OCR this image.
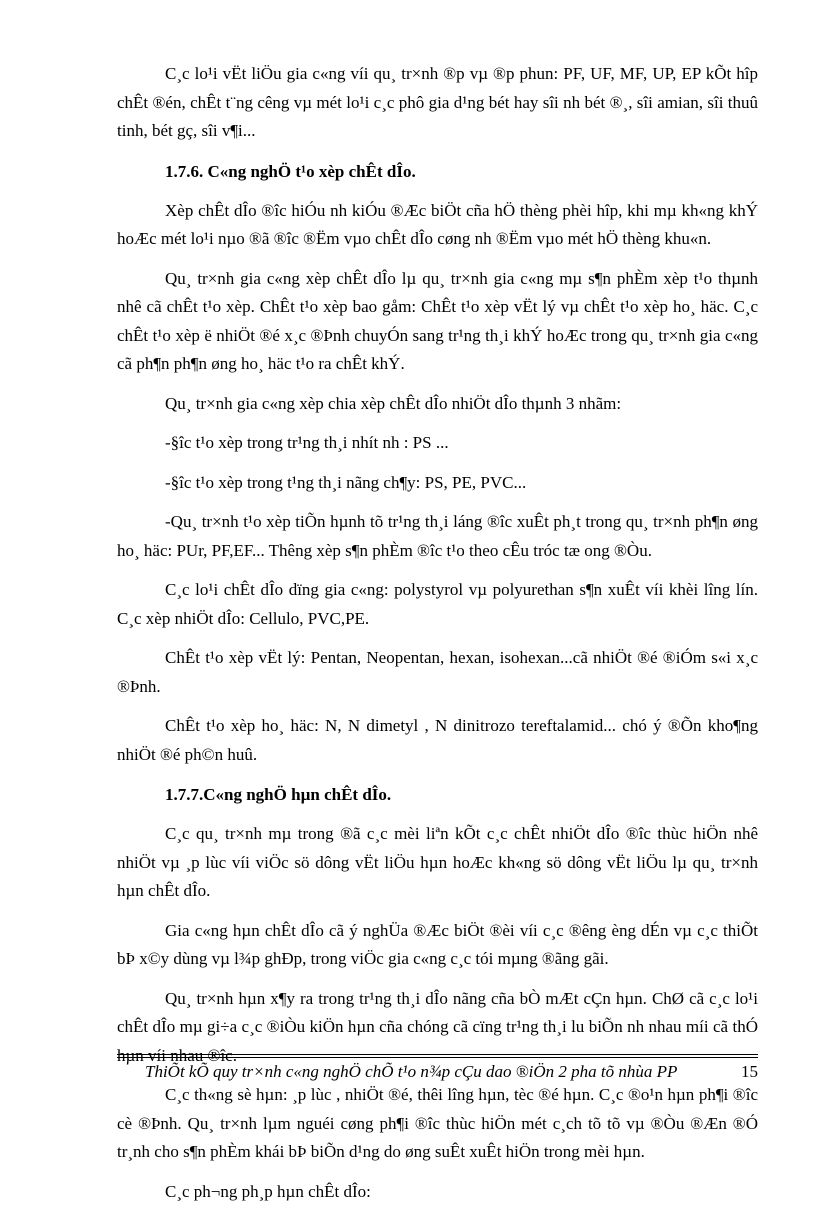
C¸c lo¹i vËt liÖu gia c«ng víi qu¸ tr×nh ®p vµ ®p phun: PF, UF, MF, UP, EP kÕt hîp chÊt ®én, chÊt t¨ng cêng vµ mét lo¹i c¸c phô gia d¹ng bét hay sîi nh bét ®¸, sîi amian, sîi thuû tinh, bét gç, sîi v¶i...

1.7.6. C«ng nghÖ t¹o xèp chÊt dÎo.

Xèp chÊt dÎo ®îc hiÓu nh kiÓu ®Æc biÖt cña hÖ thèng phèi hîp, khi mµ kh«ng khÝ hoÆc mét lo¹i nµo ®ã ®îc ®Ëm vµo chÊt dÎo cøng nh ®Ëm vµo mét hÖ thèng khu«n.

Qu¸ tr×nh gia c«ng xèp chÊt dÎo lµ qu¸ tr×nh gia c«ng mµ s¶n phÈm xèp t¹o thµnh nhê cã chÊt t¹o xèp. ChÊt t¹o xèp bao gåm: ChÊt t¹o xèp vËt lý vµ chÊt t¹o xèp ho¸ häc. C¸c chÊt t¹o xèp ë nhiÖt ®é x¸c ®Þnh chuyÓn sang tr¹ng th¸i khÝ hoÆc trong qu¸ tr×nh gia c«ng cã ph¶n ph¶n øng ho¸ häc t¹o ra chÊt khÝ.

Qu¸ tr×nh gia c«ng xèp chia xèp chÊt dÎo nhiÖt dÎo thµnh 3 nhãm:

-§îc t¹o xèp trong tr¹ng th¸i nhít nh : PS ...

-§îc t¹o xèp trong t¹ng th¸i nãng ch¶y: PS, PE, PVC...

-Qu¸ tr×nh t¹o xèp tiÕn hµnh tõ tr¹ng th¸i láng ®îc xuÊt ph¸t trong qu¸ tr×nh ph¶n øng ho¸ häc: PUr, PF,EF... Thêng xèp s¶n phÈm ®îc t¹o theo cÊu tróc tæ ong ®Òu.

C¸c lo¹i chÊt dÎo dïng gia c«ng: polystyrol vµ polyurethan s¶n xuÊt víi khèi lîng lín. C¸c xèp nhiÖt dÎo: Cellulo, PVC,PE.

ChÊt t¹o xèp vËt lý: Pentan, Neopentan, hexan, isohexan...cã nhiÖt ®é ®iÓm s«i x¸c ®Þnh.

ChÊt t¹o xèp ho¸ häc: N, N dimetyl , N dinitrozo tereftalamid... chó ý ®Õn kho¶ng nhiÖt ®é ph©n huû.

1.7.7.C«ng nghÖ hµn chÊt dÎo.

C¸c qu¸ tr×nh mµ trong ®ã c¸c mèi liªn kÕt c¸c chÊt nhiÖt dÎo ®îc thùc hiÖn nhê nhiÖt vµ ¸p lùc víi viÖc sö dông vËt liÖu hµn hoÆc kh«ng sö dông vËt liÖu lµ qu¸ tr×nh hµn chÊt dÎo.

Gia c«ng hµn chÊt dÎo cã ý nghÜa ®Æc biÖt ®èi víi c¸c ®êng èng dÉn vµ c¸c thiÕt bÞ x©y dùng vµ l¾p ghÐp, trong viÖc gia c«ng c¸c tói mµng ®ãng gãi.

Qu¸ tr×nh hµn x¶y ra trong tr¹ng th¸i dÎo nãng cña bÒ mÆt cÇn hµn. ChØ cã c¸c lo¹i chÊt dÎo mµ gi÷a c¸c ®iÒu kiÖn hµn cña chóng cã cïng tr¹ng th¸i lu biÕn nh nhau míi cã thÓ hµn víi nhau ®îc.

C¸c th«ng sè hµn: ¸p lùc , nhiÖt ®é, thêi lîng hµn, tèc ®é hµn. C¸c ®o¹n hµn ph¶i ®îc cè ®Þnh. Qu¸ tr×nh lµm nguéi cøng ph¶i ®îc thùc hiÖn mét c¸ch tõ tõ vµ ®Òu ®Æn ®Ó tr¸nh cho s¶n phÈm khái bÞ biÕn d¹ng do øng suÊt xuÊt hiÖn trong mèi hµn.

C¸c ph¬ng ph¸p hµn chÊt dÎo:

ThiÕt kÕ quy tr×nh c«ng nghÖ chÕ t¹o n¾p cÇu dao ®iÖn 2 pha tõ nhùa PP	15
